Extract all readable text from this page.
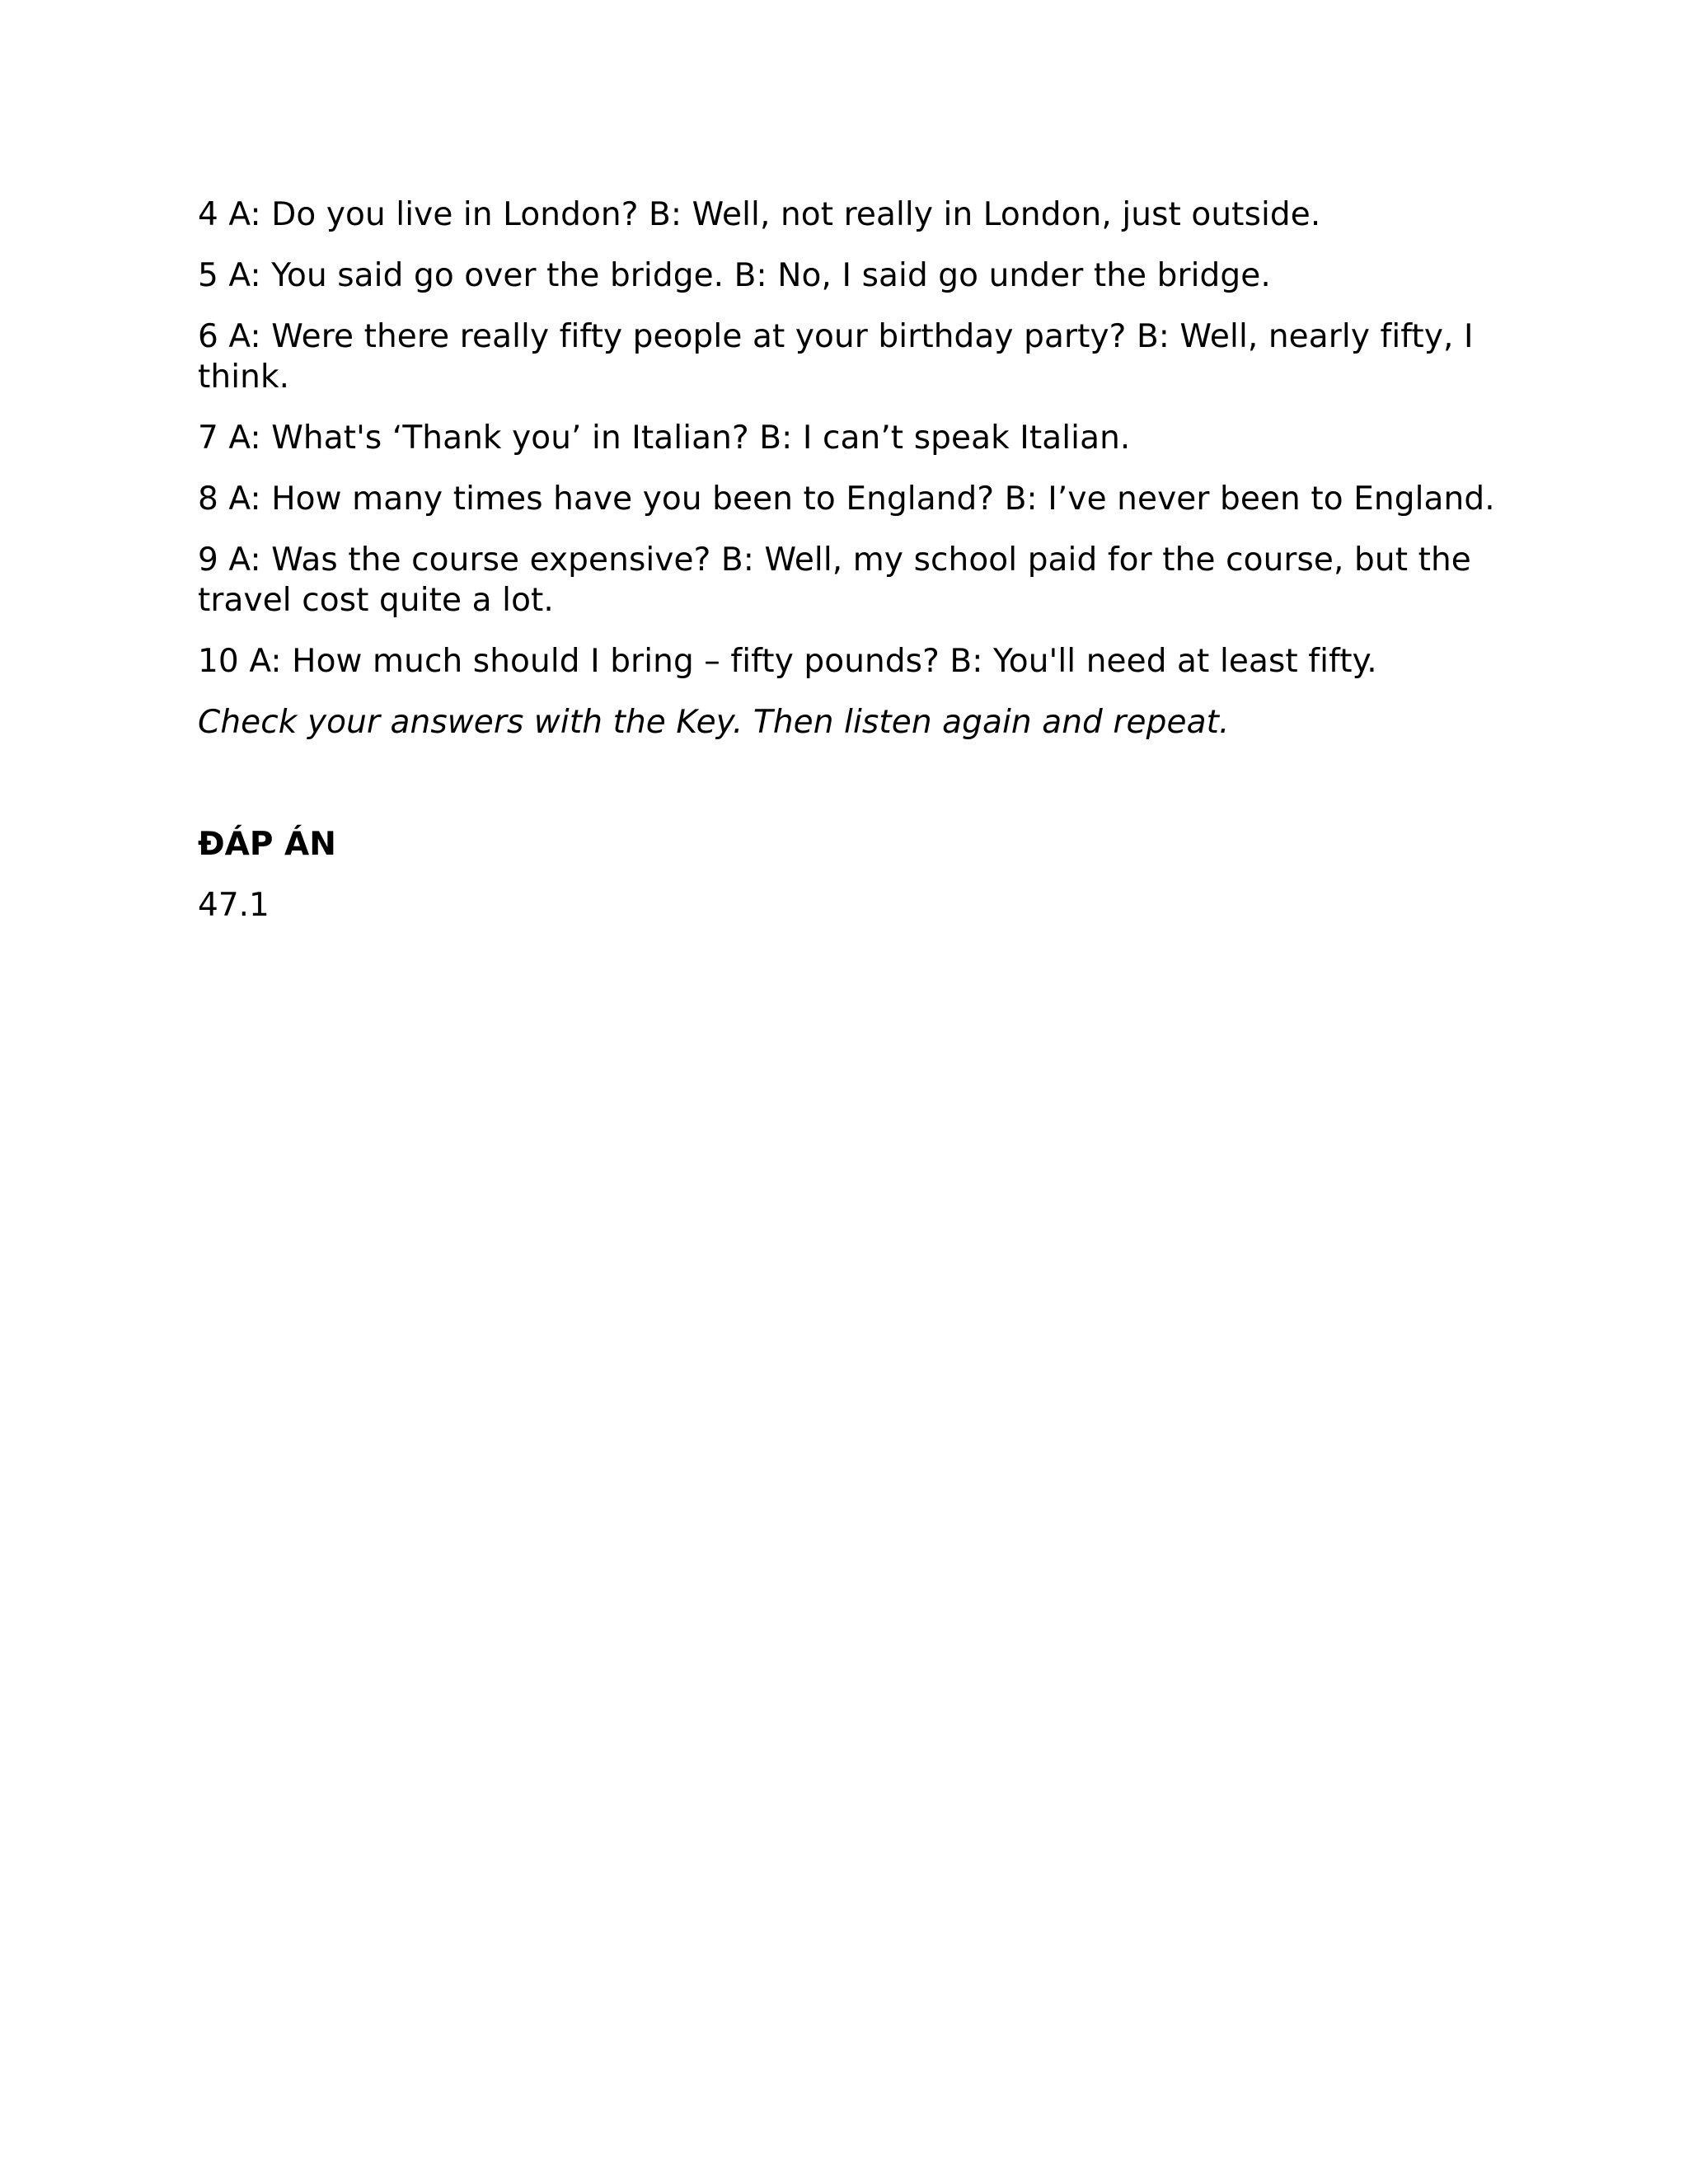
4 A: Do you live in London? B: Well, not really in London, just outside.

5 A: You said go over the bridge. B: No, I said go under the bridge.

6 A: Were there really fifty people at your birthday party? B: Well, nearly fifty, I think.

7 A: What's ‘Thank you’ in Italian? B: I can’t speak Italian.

8 A: How many times have you been to England? B: I’ve never been to England.

9 A: Was the course expensive? B: Well, my school paid for the course, but the travel cost quite a lot.

10 A: How much should I bring – fifty pounds? B: You'll need at least fifty.

Check your answers with the Key. Then listen again and repeat.

ĐÁP ÁN

47.1
